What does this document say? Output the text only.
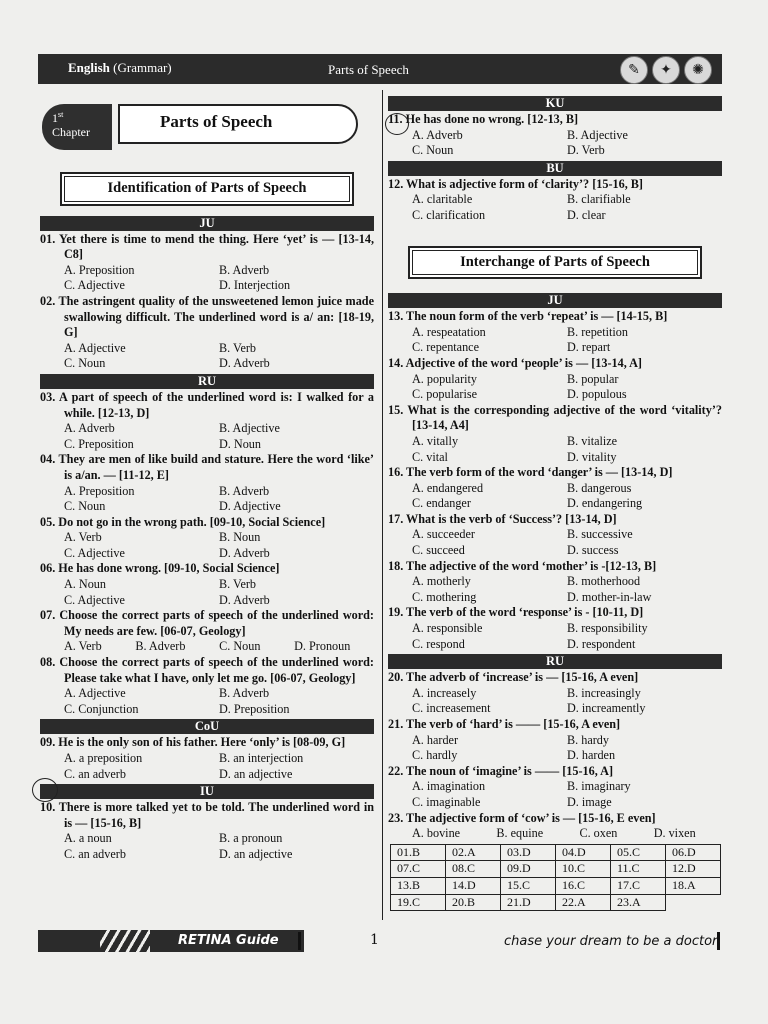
English (Grammar)	Parts of Speech	✎	✦	✺
1st
Chapter
Parts of Speech
Identification of Parts of Speech
JU
01. Yet there is time to mend the thing. Here ‘yet’ is — [13-14, C8]
A. Preposition	B. Adverb
C. Adjective	D. Interjection
02. The astringent quality of the unsweetened lemon juice made swallowing difficult. The underlined word is a/ an: [18-19, G]
A. Adjective	B. Verb
C. Noun	D. Adverb
RU
03. A part of speech of the underlined word is: I walked for a while. [12-13, D]
A. Adverb	B. Adjective
C. Preposition	D. Noun
04. They are men of like build and stature. Here the word ‘like’ is a/an. — [11-12, E]
A. Preposition	B. Adverb
C. Noun	D. Adjective
05. Do not go in the wrong path. [09-10, Social Science]
A. Verb	B. Noun
C. Adjective	D. Adverb
06. He has done wrong. [09-10, Social Science]
A. Noun	B. Verb
C. Adjective	D. Adverb
07. Choose the correct parts of speech of the underlined word: My needs are few. [06-07, Geology]
A. Verb	B. Adverb	C. Noun	D. Pronoun
08. Choose the correct parts of speech of the underlined word: Please take what I have, only let me go. [06-07, Geology]
A. Adjective	B. Adverb
C. Conjunction	D. Preposition
CoU
09. He is the only son of his father. Here ‘only’ is [08-09, G]
A. a preposition	B. an interjection
C. an adverb	D. an adjective
IU
10. There is more talked yet to be told. The underlined word in is — [15-16, B]
A. a noun	B. a pronoun
C. an adverb	D. an adjective
KU
11. He has done no wrong. [12-13, B]
A. Adverb	B. Adjective
C. Noun	D. Verb
BU
12. What is adjective form of ‘clarity’? [15-16, B]
A. claritable	B. clarifiable
C. clarification	D. clear
Interchange of Parts of Speech
JU
13. The noun form of the verb ‘repeat’ is — [14-15, B]
A. respeatation	B. repetition
C. repentance	D. repart
14. Adjective of the word ‘people’ is — [13-14, A]
A. popularity	B. popular
C. popularise	D. populous
15. What is the corresponding adjective of the word ‘vitality’? [13-14, A4]
A. vitally	B. vitalize
C. vital	D. vitality
16. The verb form of the word ‘danger’ is — [13-14, D]
A. endangered	B. dangerous
C. endanger	D. endangering
17. What is the verb of ‘Success’? [13-14, D]
A. succeeder	B. successive
C. succeed	D. success
18. The adjective of the word ‘mother’ is -[12-13, B]
A. motherly	B. motherhood
C. mothering	D. mother-in-law
19. The verb of the word ‘response’ is - [10-11, D]
A. responsible	B. responsibility
C. respond	D. respondent
RU
20. The adverb of ‘increase’ is — [15-16, A even]
A. increasely	B. increasingly
C. increasement	D. increamently
21. The verb of ‘hard’ is —— [15-16, A even]
A. harder	B. hardy
C. hardly	D. harden
22. The noun of ‘imagine’ is —— [15-16, A]
A. imagination	B. imaginary
C. imaginable	D. image
23. The adjective form of ‘cow’ is — [15-16, E even]
A. bovine	B. equine	C. oxen	D. vixen
01.B	02.A	03.D	04.D	05.C	06.D
07.C	08.C	09.D	10.C	11.C	12.D
13.B	14.D	15.C	16.C	17.C	18.A
19.C	20.B	21.D	22.A	23.A	
RETINA Guide	1	chase your dream to be a doctor
